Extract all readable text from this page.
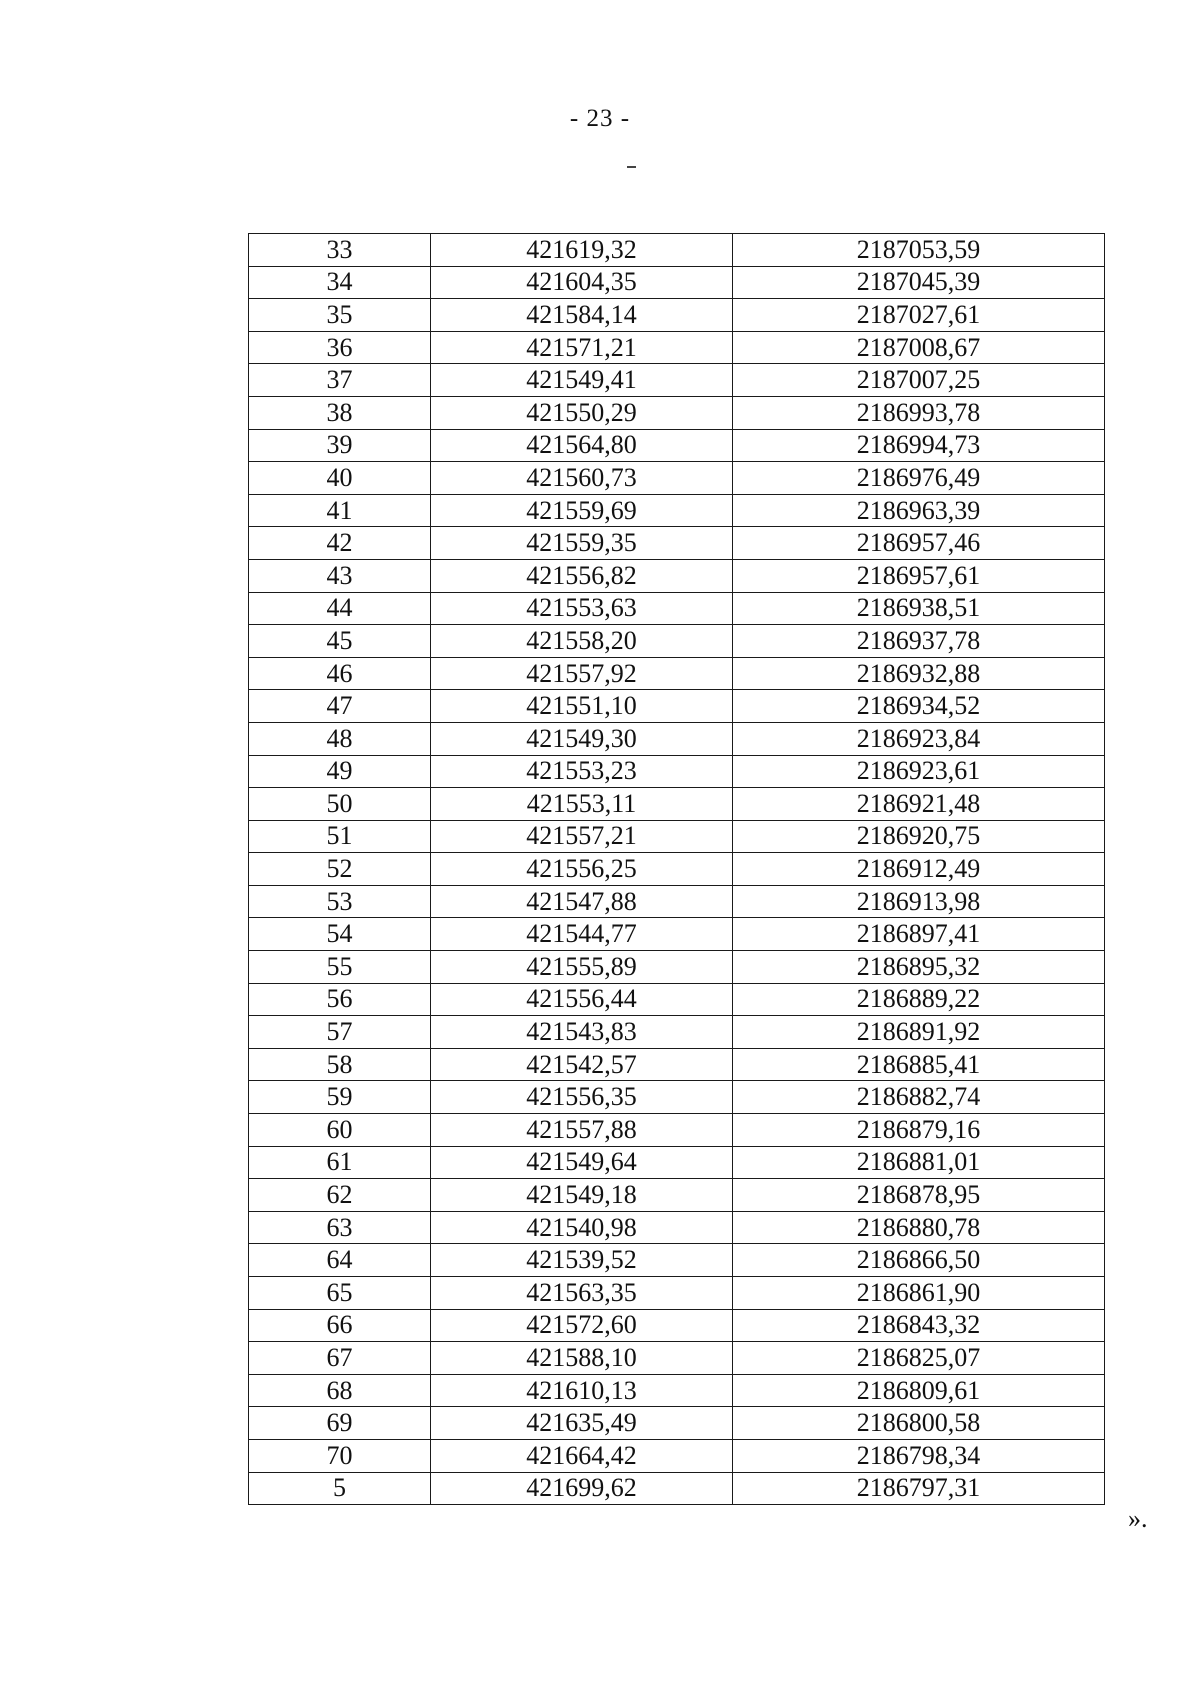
- 23 -
33	421619,32	2187053,59
34	421604,35	2187045,39
35	421584,14	2187027,61
36	421571,21	2187008,67
37	421549,41	2187007,25
38	421550,29	2186993,78
39	421564,80	2186994,73
40	421560,73	2186976,49
41	421559,69	2186963,39
42	421559,35	2186957,46
43	421556,82	2186957,61
44	421553,63	2186938,51
45	421558,20	2186937,78
46	421557,92	2186932,88
47	421551,10	2186934,52
48	421549,30	2186923,84
49	421553,23	2186923,61
50	421553,11	2186921,48
51	421557,21	2186920,75
52	421556,25	2186912,49
53	421547,88	2186913,98
54	421544,77	2186897,41
55	421555,89	2186895,32
56	421556,44	2186889,22
57	421543,83	2186891,92
58	421542,57	2186885,41
59	421556,35	2186882,74
60	421557,88	2186879,16
61	421549,64	2186881,01
62	421549,18	2186878,95
63	421540,98	2186880,78
64	421539,52	2186866,50
65	421563,35	2186861,90
66	421572,60	2186843,32
67	421588,10	2186825,07
68	421610,13	2186809,61
69	421635,49	2186800,58
70	421664,42	2186798,34
5	421699,62	2186797,31
».
